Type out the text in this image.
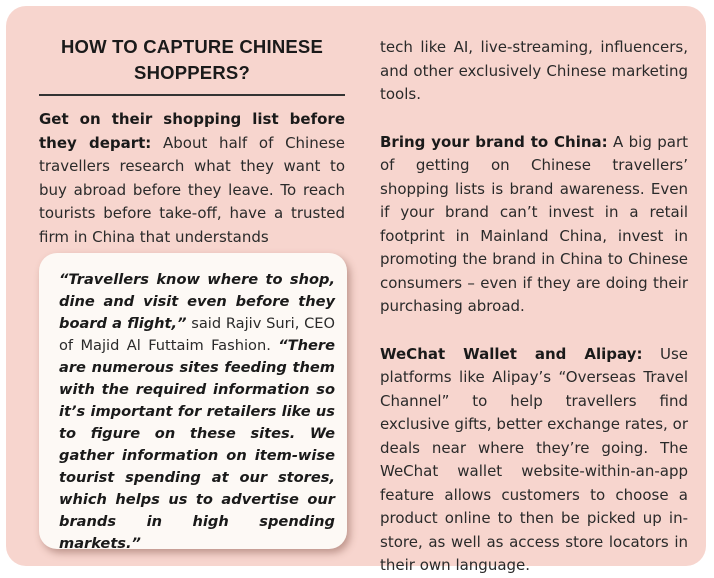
HOW TO CAPTURE CHINESE
SHOPPERS?

Get on their shopping list before they depart: About half of Chinese travellers research what they want to buy abroad before they leave. To reach tourists before take-off, have a trusted firm in China that understands

“Travellers know where to shop, dine and visit even before they board a flight,” said Rajiv Suri, CEO of Majid Al Futtaim Fashion. “There are numerous sites feeding them with the required information so it’s important for retailers like us to figure on these sites. We gather information on item-wise tourist spending at our stores, which helps us to advertise our brands in high spending markets.”

tech like AI, live-streaming, influencers, and other exclusively Chinese marketing tools.

Bring your brand to China: A big part of getting on Chinese travellers’ shopping lists is brand awareness. Even if your brand can’t invest in a retail footprint in Mainland China, invest in promoting the brand in China to Chinese consumers – even if they are doing their purchasing abroad.

WeChat Wallet and Alipay: Use platforms like Alipay’s “Overseas Travel Channel” to help travellers find exclusive gifts, better exchange rates, or deals near where they’re going. The WeChat wallet website-within-an-app feature allows customers to choose a product online to then be picked up in-store, as well as access store locators in their own language.
